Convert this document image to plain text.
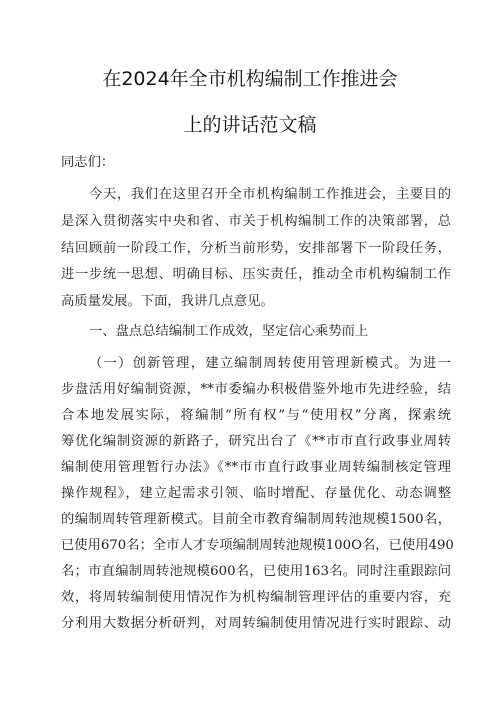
在2024年全市机构编制工作推进会
上的讲话范文稿
同志们：
今天，我们在这里召开全市机构编制工作推进会，主要目的
是深入贯彻落实中央和省、市关于机构编制工作的决策部署，总
结回顾前一阶段工作，分析当前形势，安排部署下一阶段任务，
进一步统一思想、明确目标、压实责任，推动全市机构编制工作
高质量发展。下面，我讲几点意见。
一、盘点总结编制工作成效，坚定信心乘势而上
（一）创新管理，建立编制周转使用管理新模式。为进一
步盘活用好编制资源，**市委编办积极借鉴外地市先进经验，结
合本地发展实际，将编制“所有权”与“使用权”分离，探索统
筹优化编制资源的新路子，研究出台了《**市市直行政事业周转
编制使用管理暂行办法》《**市市直行政事业周转编制核定管理
操作规程》，建立起需求引领、临时增配、存量优化、动态调整
的编制周转管理新模式。目前全市教育编制周转池规模1500名，
已使用670名；全市人才专项编制周转池规模100O名，已使用490
名；市直编制周转池规模600名，已使用163名。同时注重跟踪问
效，将周转编制使用情况作为机构编制管理评估的重要内容，充
分利用大数据分析研判，对周转编制使用情况进行实时跟踪、动
